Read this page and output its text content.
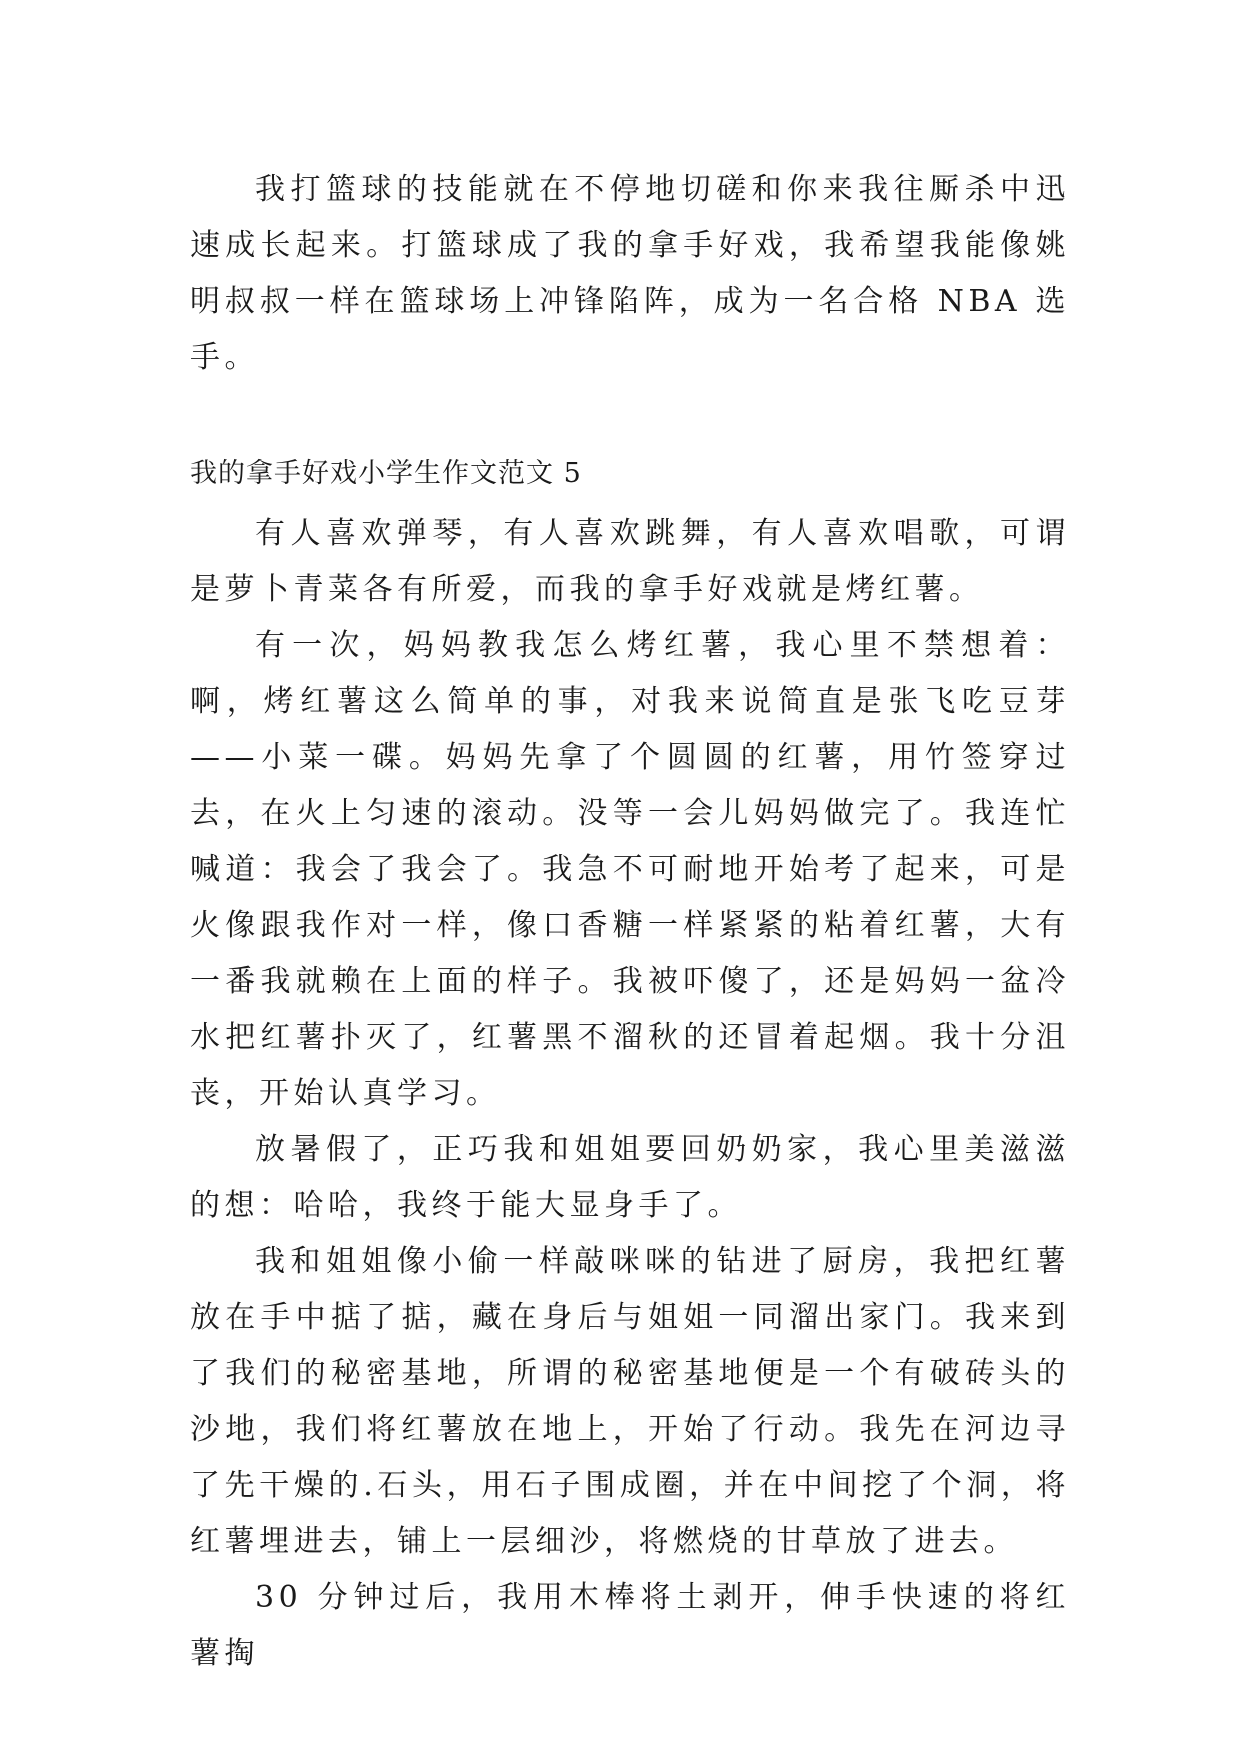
我打篮球的技能就在不停地切磋和你来我往厮杀中迅速成长起来。打篮球成了我的拿手好戏，我希望我能像姚明叔叔一样在篮球场上冲锋陷阵，成为一名合格 NBA 选手。

我的拿手好戏小学生作文范文 5

有人喜欢弹琴，有人喜欢跳舞，有人喜欢唱歌，可谓是萝卜青菜各有所爱，而我的拿手好戏就是烤红薯。

有一次，妈妈教我怎么烤红薯，我心里不禁想着：啊，烤红薯这么简单的事，对我来说简直是张飞吃豆芽——小菜一碟。妈妈先拿了个圆圆的红薯，用竹签穿过去，在火上匀速的滚动。没等一会儿妈妈做完了。我连忙喊道：我会了我会了。我急不可耐地开始考了起来，可是火像跟我作对一样，像口香糖一样紧紧的粘着红薯，大有一番我就赖在上面的样子。我被吓傻了，还是妈妈一盆冷水把红薯扑灭了，红薯黑不溜秋的还冒着起烟。我十分沮丧，开始认真学习。

放暑假了，正巧我和姐姐要回奶奶家，我心里美滋滋的想：哈哈，我终于能大显身手了。

我和姐姐像小偷一样敲咪咪的钻进了厨房，我把红薯放在手中掂了掂，藏在身后与姐姐一同溜出家门。我来到了我们的秘密基地，所谓的秘密基地便是一个有破砖头的沙地，我们将红薯放在地上，开始了行动。我先在河边寻了先干燥的.石头，用石子围成圈，并在中间挖了个洞，将红薯埋进去，铺上一层细沙，将燃烧的甘草放了进去。

30 分钟过后，我用木棒将土剥开，伸手快速的将红薯掏
